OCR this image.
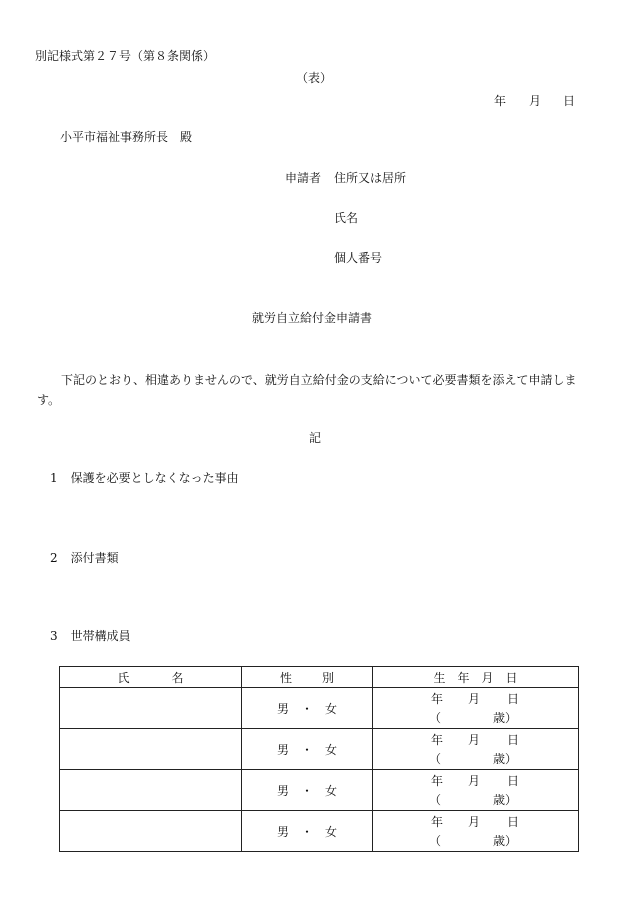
別記様式第２７号（第８条関係）
（表）
年 月 日
小平市福祉事務所長 殿
申請者 住所又は居所
氏名
個人番号
就労自立給付金申請書
下記のとおり、相違ありませんので、就労自立給付金の支給について必要書類を添えて申請します。
記
1 保護を必要としなくなった事由
2 添付書類
3 世帯構成員
氏 名	性 別	生 年 月 日
	男　・　女	年 月 日
（ 歳）

	男　・　女	年 月 日
（ 歳）

	男　・　女	年 月 日
（ 歳）

	男　・　女	年 月 日
（ 歳）
